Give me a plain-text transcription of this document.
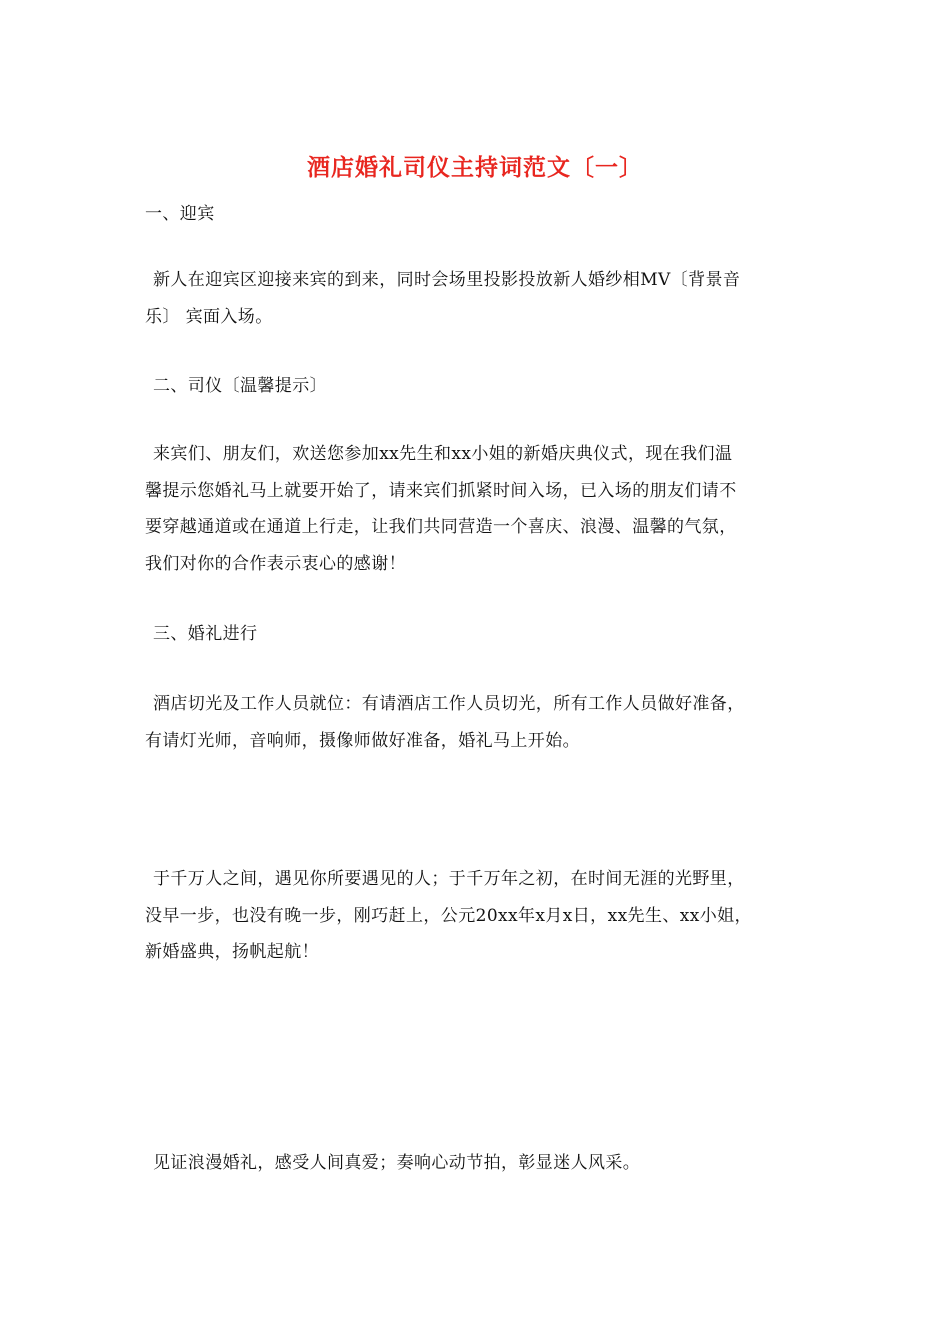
酒店婚礼司仪主持词范文〔一〕
一、迎宾
新人在迎宾区迎接来宾的到来，同时会场里投影投放新人婚纱相MV〔背景音
乐〕 宾面入场。
二、司仪〔温馨提示〕
来宾们、朋友们，欢送您参加xx先生和xx小姐的新婚庆典仪式，现在我们温
馨提示您婚礼马上就要开始了，请来宾们抓紧时间入场，已入场的朋友们请不
要穿越通道或在通道上行走，让我们共同营造一个喜庆、浪漫、温馨的气氛，
我们对你的合作表示衷心的感谢！
三、婚礼进行
酒店切光及工作人员就位：有请酒店工作人员切光，所有工作人员做好准备，
有请灯光师，音响师，摄像师做好准备，婚礼马上开始。
于千万人之间，遇见你所要遇见的人；于千万年之初，在时间无涯的光野里，
没早一步，也没有晚一步，刚巧赶上，公元20xx年x月x日，xx先生、xx小姐，
新婚盛典，扬帆起航！
见证浪漫婚礼，感受人间真爱；奏响心动节拍，彰显迷人风采。
